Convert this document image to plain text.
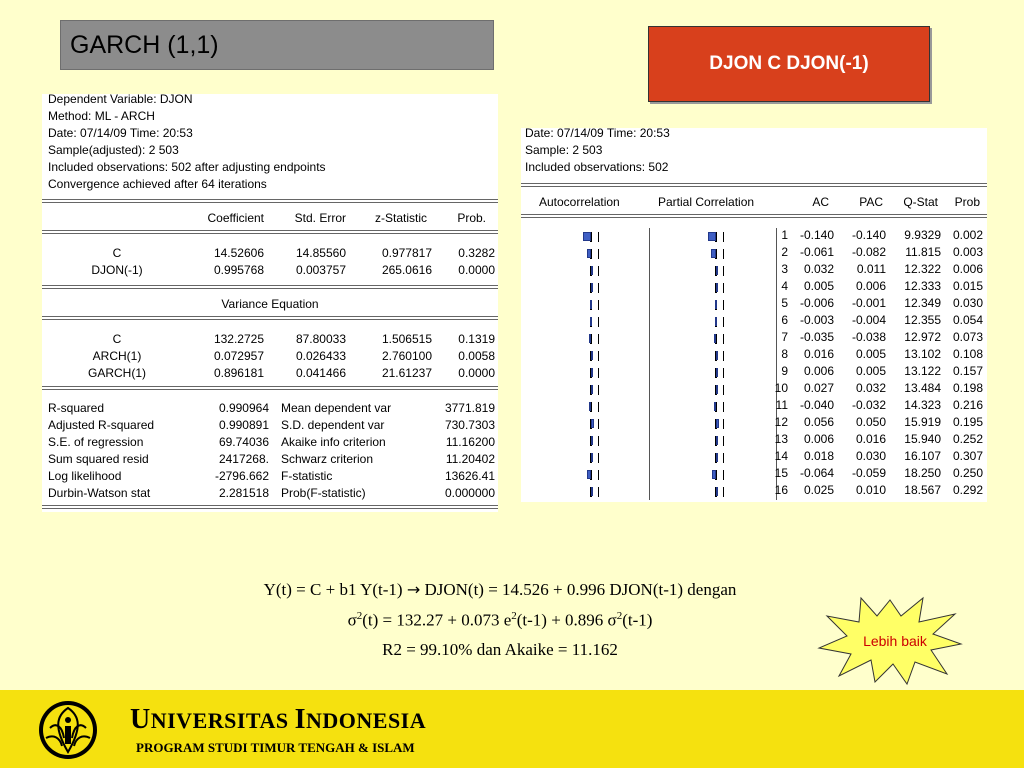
GARCH (1,1)
DJON C DJON(-1)
Dependent Variable: DJON
Method: ML - ARCH
Date: 07/14/09 Time: 20:53
Sample(adjusted): 2 503
Included observations: 502 after adjusting endpoints
Convergence achieved after 64 iterations
Coefficient	Std. Error z-Statistic	Prob.
C	14.52606	14.85560	0.977817 0.3282
DJON(-1)	0.995768	0.003757	265.0616 0.0000
Variance Equation
C	132.2725	87.80033	1.506515 0.1319
ARCH(1)	0.072957	0.026433	2.760100 0.0058
GARCH(1)	0.896181	0.041466	21.61237 0.0000
R-squared	0.990964 Mean dependent var	3771.819
Adjusted R-squared	0.990891 S.D. dependent var	730.7303
S.E. of regression	69.74036 Akaike info criterion	11.16200
Sum squared resid	2417268. Schwarz criterion	11.20402
Log likelihood	-2796.662 F-statistic	13626.41
Durbin-Watson stat	2.281518 Prob(F-statistic)	0.000000
Date: 07/14/09 Time: 20:53
Sample: 2 503
Included observations: 502
Autocorrelation	Partial Correlation	AC	PAC Q-Stat Prob
1 -0.140 -0.140 9.9329 0.002
2 -0.061 -0.082 11.815 0.003
3 0.032 0.011 12.322 0.006
4 0.005 0.006 12.333 0.015
5 -0.006 -0.001 12.349 0.030
6 -0.003 -0.004 12.355 0.054
7 -0.035 -0.038 12.972 0.073
8 0.016 0.005 13.102 0.108
9 0.006 0.005 13.122 0.157
10 0.027 0.032 13.484 0.198
11 -0.040 -0.032 14.323 0.216
12 0.056 0.050 15.919 0.195
13 0.006 0.016 15.940 0.252
14 0.018 0.030 16.107 0.307
15 -0.064 -0.059 18.250 0.250
16 0.025 0.010 18.567 0.292
Y(t) = C + b1 Y(t-1) → DJON(t) = 14.526 + 0.996 DJON(t-1) dengan
$\sigma^2(t) = 132.27 + 0.073$ $e^2(t-1) + 0.896$ $\sigma^2(t-1)$
R2 = 99.10% dan Akaike = 11.162	Lebih baik
UNIVERSITAS INDONESIA
PROGRAM STUDI TIMUR TENGAH & ISLAM
